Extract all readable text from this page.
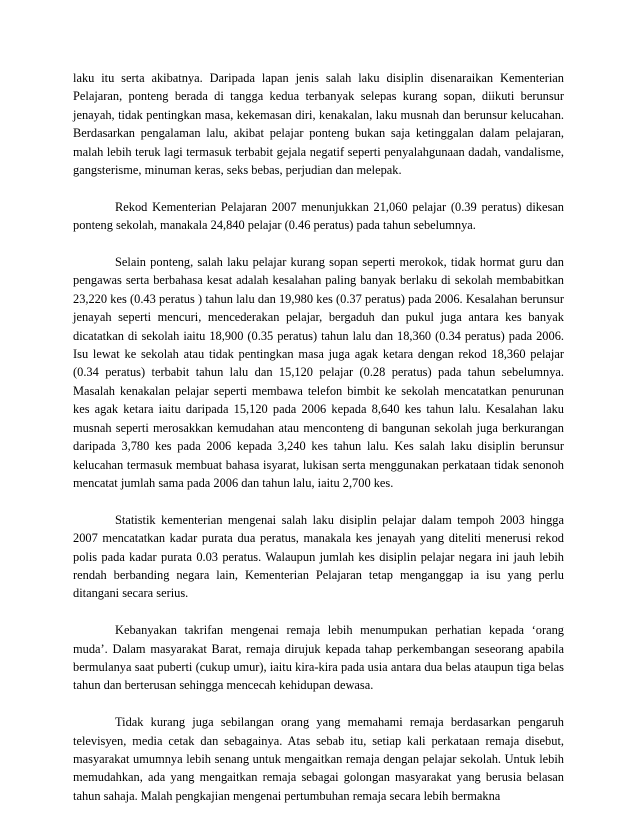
laku itu serta akibatnya. Daripada lapan jenis salah laku disiplin disenaraikan Kementerian Pelajaran, ponteng berada di tangga kedua terbanyak selepas kurang sopan, diikuti berunsur jenayah, tidak pentingkan masa, kekemasan diri, kenakalan, laku musnah dan berunsur kelucahan. Berdasarkan pengalaman lalu, akibat pelajar ponteng bukan saja ketinggalan dalam pelajaran, malah lebih teruk lagi termasuk terbabit gejala negatif seperti penyalahgunaan dadah, vandalisme, gangsterisme, minuman keras, seks bebas, perjudian dan melepak.

Rekod Kementerian Pelajaran 2007 menunjukkan 21,060 pelajar (0.39 peratus) dikesan ponteng sekolah, manakala 24,840 pelajar (0.46 peratus) pada tahun sebelumnya.

Selain ponteng, salah laku pelajar kurang sopan seperti merokok, tidak hormat guru dan pengawas serta berbahasa kesat adalah kesalahan paling banyak berlaku di sekolah membabitkan 23,220 kes (0.43 peratus ) tahun lalu dan 19,980 kes (0.37 peratus) pada 2006. Kesalahan berunsur jenayah seperti mencuri, mencederakan pelajar, bergaduh dan pukul juga antara kes banyak dicatatkan di sekolah iaitu 18,900 (0.35 peratus) tahun lalu dan 18,360 (0.34 peratus) pada 2006. Isu lewat ke sekolah atau tidak pentingkan masa juga agak ketara dengan rekod 18,360 pelajar (0.34 peratus) terbabit tahun lalu dan 15,120 pelajar (0.28 peratus) pada tahun sebelumnya. Masalah kenakalan pelajar seperti membawa telefon bimbit ke sekolah mencatatkan penurunan kes agak ketara iaitu daripada 15,120 pada 2006 kepada 8,640 kes tahun lalu. Kesalahan laku musnah seperti merosakkan kemudahan atau menconteng di bangunan sekolah juga berkurangan daripada 3,780 kes pada 2006 kepada 3,240 kes tahun lalu. Kes salah laku disiplin berunsur kelucahan termasuk membuat bahasa isyarat, lukisan serta menggunakan perkataan tidak senonoh mencatat jumlah sama pada 2006 dan tahun lalu, iaitu 2,700 kes.

Statistik kementerian mengenai salah laku disiplin pelajar dalam tempoh 2003 hingga 2007 mencatatkan kadar purata dua peratus, manakala kes jenayah yang diteliti menerusi rekod polis pada kadar purata 0.03 peratus. Walaupun jumlah kes disiplin pelajar negara ini jauh lebih rendah berbanding negara lain, Kementerian Pelajaran tetap menganggap ia isu yang perlu ditangani secara serius.

Kebanyakan takrifan mengenai remaja lebih menumpukan perhatian kepada ‘orang muda’. Dalam masyarakat Barat, remaja dirujuk kepada tahap perkembangan seseorang apabila bermulanya saat puberti (cukup umur), iaitu kira-kira pada usia antara dua belas ataupun tiga belas tahun dan berterusan sehingga mencecah kehidupan dewasa.

Tidak kurang juga sebilangan orang yang memahami remaja berdasarkan pengaruh televisyen, media cetak dan sebagainya. Atas sebab itu, setiap kali perkataan remaja disebut, masyarakat umumnya lebih senang untuk mengaitkan remaja dengan pelajar sekolah. Untuk lebih memudahkan, ada yang mengaitkan remaja sebagai golongan masyarakat yang berusia belasan tahun sahaja. Malah pengkajian mengenai pertumbuhan remaja secara lebih bermakna
